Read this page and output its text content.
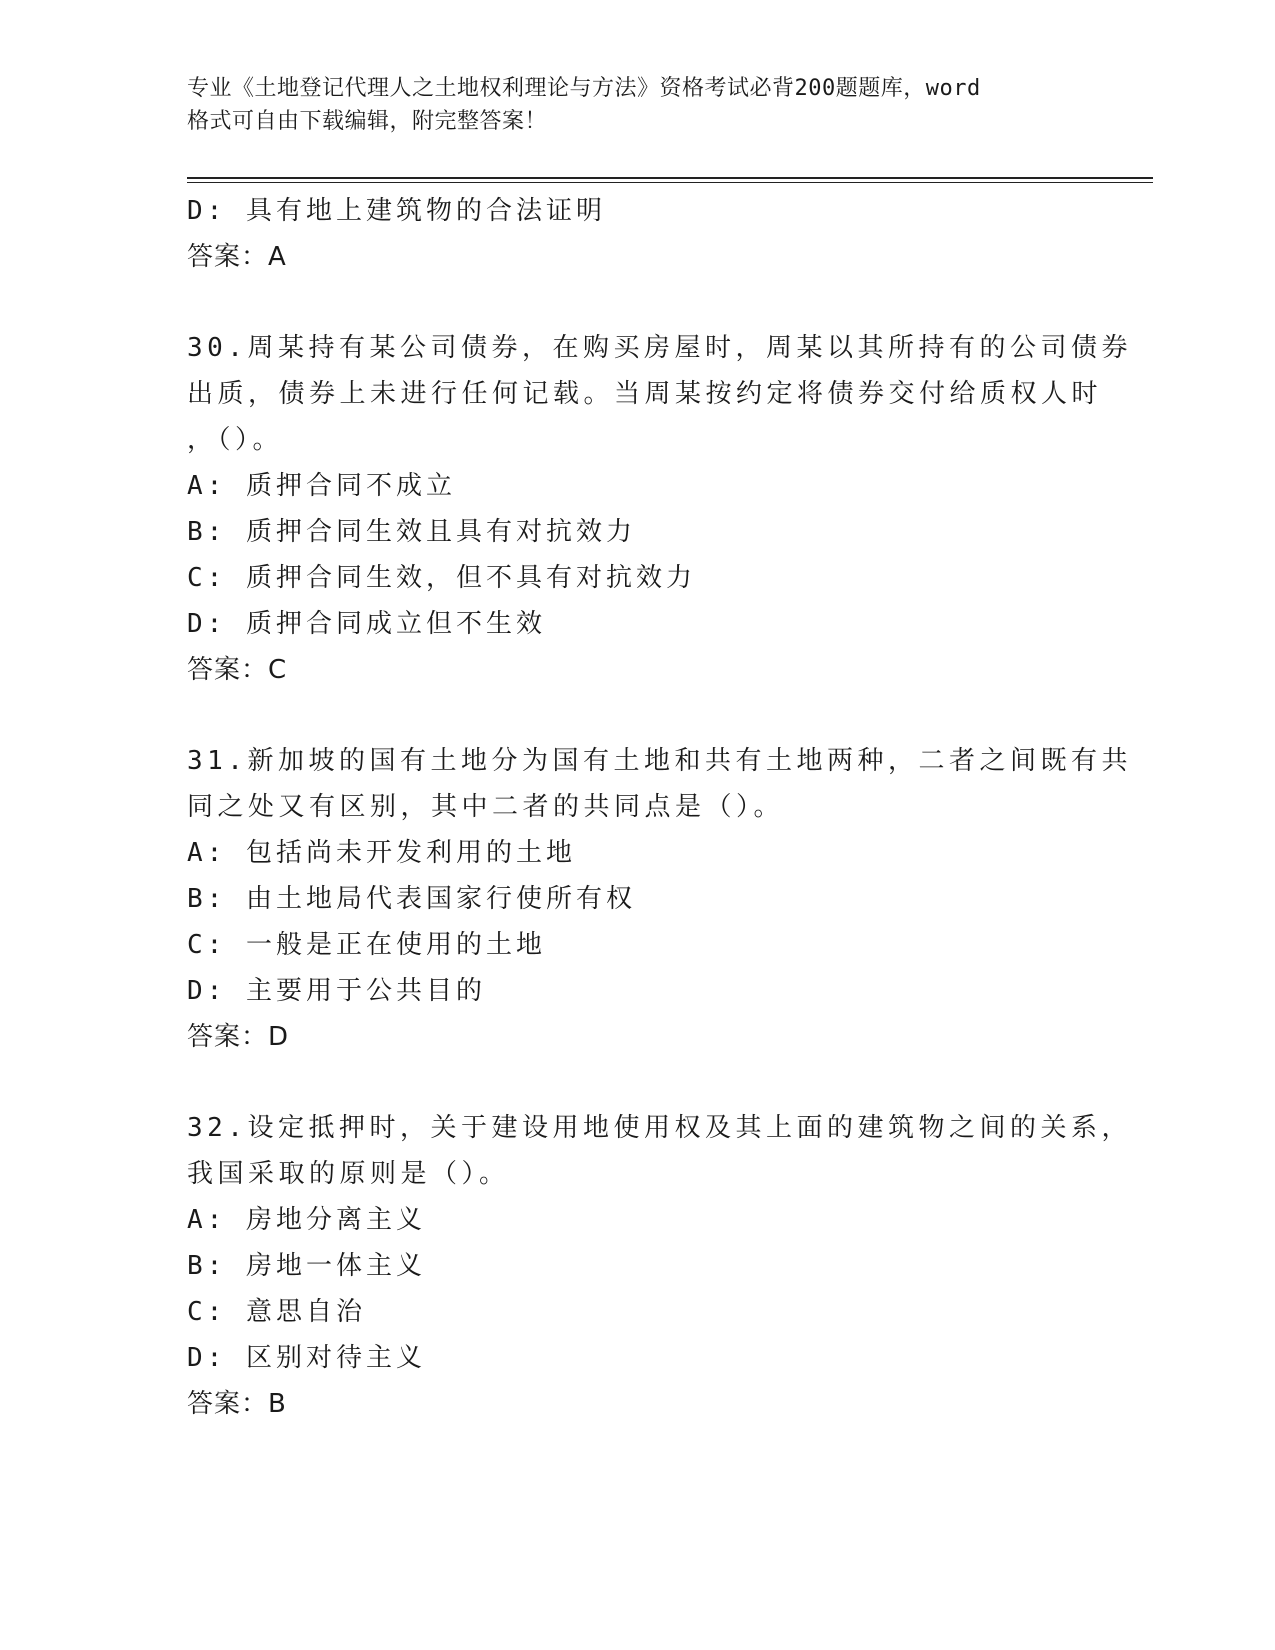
专业《土地登记代理人之土地权利理论与方法》资格考试必背200题题库，word
格式可自由下载编辑，附完整答案！
D: 具有地上建筑物的合法证明
答案：A
30.周某持有某公司债券，在购买房屋时，周某以其所持有的公司债券
出质，债券上未进行任何记载。当周某按约定将债券交付给质权人时
，（）。
A: 质押合同不成立
B: 质押合同生效且具有对抗效力
C: 质押合同生效，但不具有对抗效力
D: 质押合同成立但不生效
答案：C
31.新加坡的国有土地分为国有土地和共有土地两种，二者之间既有共
同之处又有区别，其中二者的共同点是（）。
A: 包括尚未开发利用的土地
B: 由土地局代表国家行使所有权
C: 一般是正在使用的土地
D: 主要用于公共目的
答案：D
32.设定抵押时，关于建设用地使用权及其上面的建筑物之间的关系，
我国采取的原则是（）。
A: 房地分离主义
B: 房地一体主义
C: 意思自治
D: 区别对待主义
答案：B
